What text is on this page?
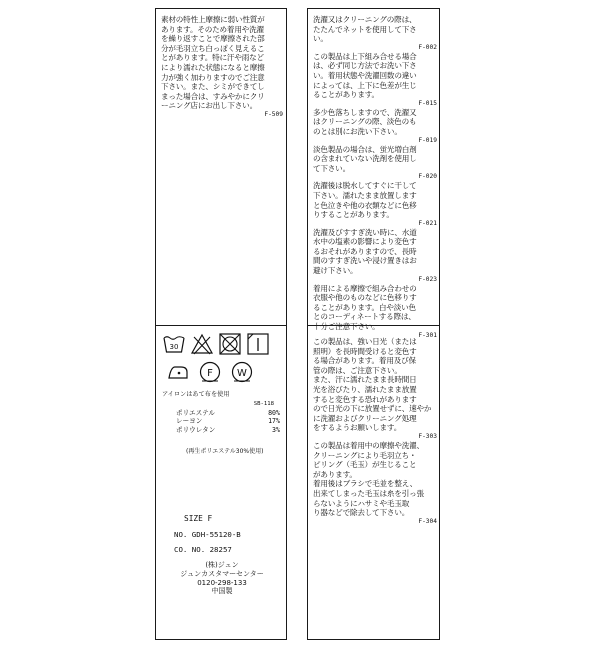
素材の特性上摩擦に弱い性質が
あります。そのため着用や洗濯
を繰り返すことで摩擦された部
分が毛羽立ち白っぽく見えるこ
とがあります。特に汗や雨など
により濡れた状態になると摩擦
力が強く加わりますのでご注意
下さい。また、シミができてし
まった場合は、すみやかにクリ
ーニング店にお出し下さい。
F-509
30
F W
アイロンはあて布を使用
SB-118
ポリエステル	80%
レーヨン	17%
ポリウレタン	3%
(再生ポリエステル30%使用)
SIZE F
NO. GDH-55120-B
CO. NO. 28257
(株)ジュン
ジュンカスタマーセンター
0120-298-133
中国製
洗濯又はクリーニングの際は、
たたんでネットを使用して下さ
い。
F-002
この製品は上下組み合せる場合
は、必ず同じ方法でお洗い下さ
い。着用状態や洗濯回数の違い
によっては、上下に色差が生じ
ることがあります。
F-015
多少色落ちしますので、洗濯又
はクリーニングの際、淡色のも
のとは別にお洗い下さい。
F-019
淡色製品の場合は、蛍光増白剤
の含まれていない洗剤を使用し
て下さい。
F-020
洗濯後は脱水してすぐに干して
下さい。濡れたまま放置します
と色泣きや他の衣類などに色移
りすることがあります。
F-021
洗濯及びすすぎ洗い時に、水道
水中の塩素の影響により変色す
るおそれがありますので、長時
間のすすぎ洗いや浸け置きはお
避け下さい。
F-023
着用による摩擦で組み合わせの
衣服や他のものなどに色移りす
ることがあります。白や淡い色
とのコーディネートする際は、
十分ご注意下さい。
F-301
この製品は、強い日光（または
照明）を長時間受けると変色す
る場合があります。着用及び保
管の際は、ご注意下さい。
また、汗に濡れたまま長時間日
光を浴びたり、濡れたまま放置
すると変色する恐れがあります
ので日光の下に放置せずに、速やか
に洗濯およびクリーニング処理
をするようお願いします。
F-303
この製品は着用中の摩擦や洗濯、
クリーニングにより毛羽立ち・
ピリング（毛玉）が生じること
があります。
着用後はブラシで毛並を整え、
出来てしまった毛玉は糸を引っ張
らないようにハサミや毛玉取
り器などで除去して下さい。
F-304
